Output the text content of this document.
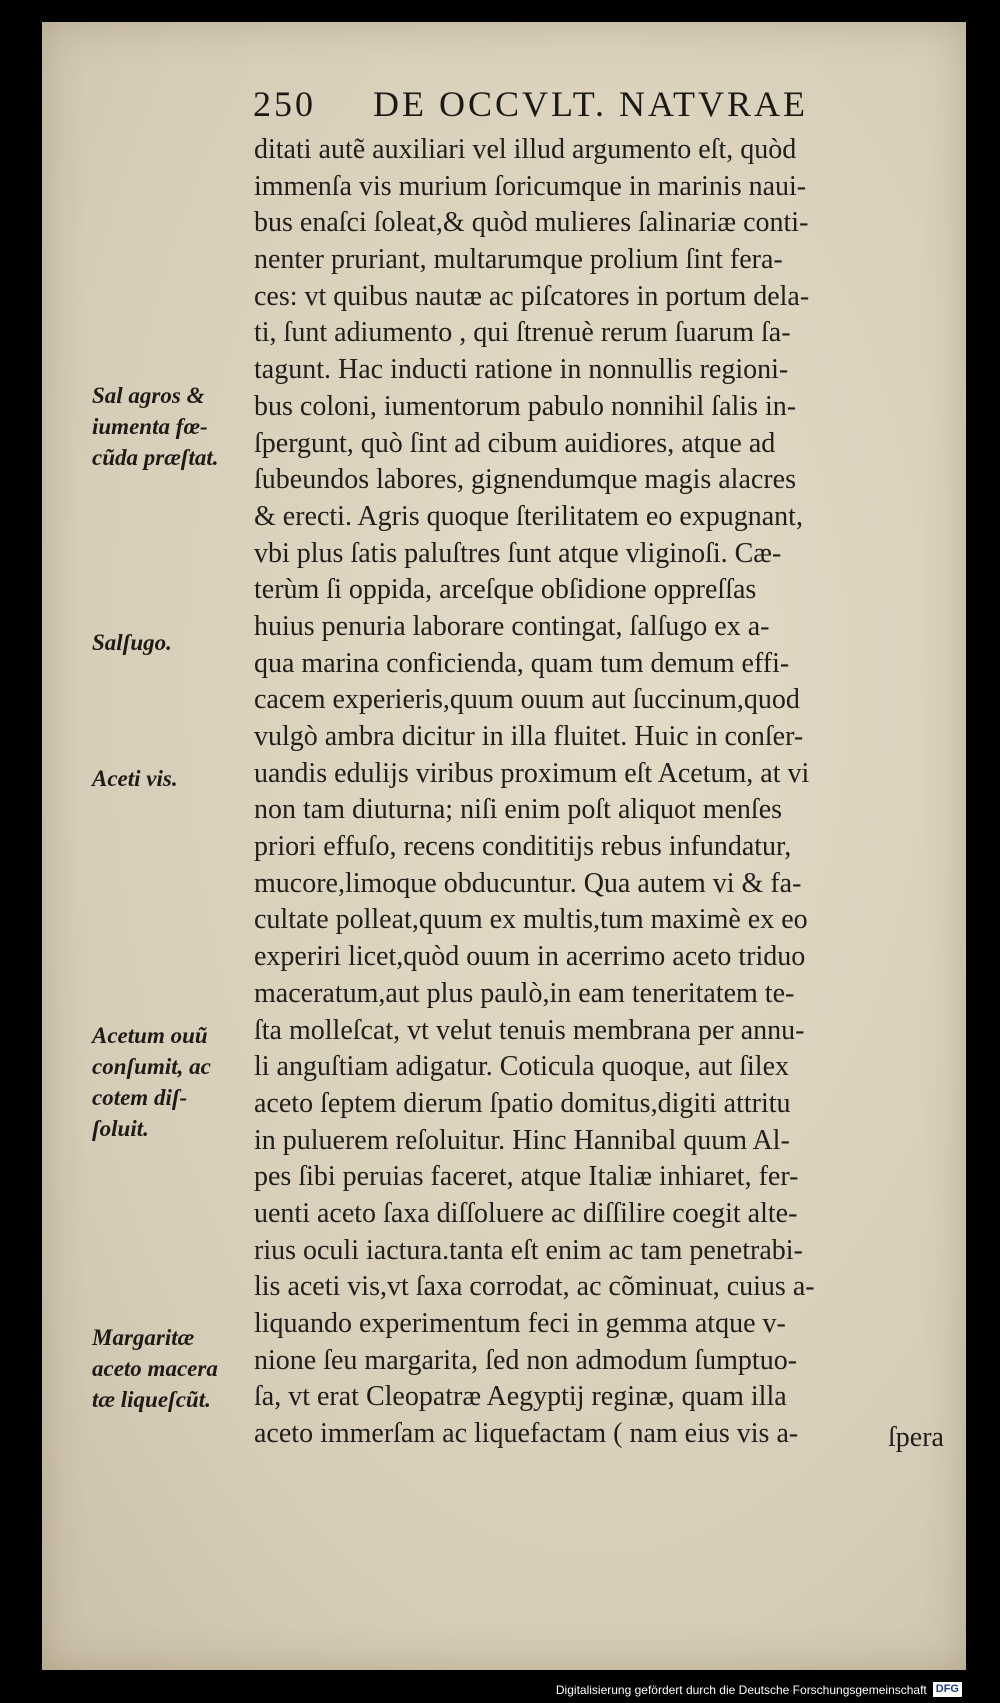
250 DE OCCVLT. NATVRAE
ditati autẽ auxiliari vel illud argumento eſt, quòd
immenſa vis murium ſoricumque in marinis naui-
bus enaſci ſoleat,& quòd mulieres ſalinariæ conti-
nenter pruriant, multarumque prolium ſint fera-
ces: vt quibus nautæ ac piſcatores in portum dela-
ti, ſunt adiumento , qui ſtrenuè rerum ſuarum ſa-
tagunt. Hac inducti ratione in nonnullis regioni-
bus coloni, iumentorum pabulo nonnihil ſalis in-
ſpergunt, quò ſint ad cibum auidiores, atque ad
ſubeundos labores, gignendumque magis alacres
& erecti. Agris quoque ſterilitatem eo expugnant,
vbi plus ſatis paluſtres ſunt atque vliginoſi. Cæ-
terùm ſi oppida, arceſque obſidione oppreſſas
huius penuria laborare contingat, ſalſugo ex a-
qua marina conficienda, quam tum demum effi-
cacem experieris,quum ouum aut ſuccinum,quod
vulgò ambra dicitur in illa fluitet. Huic in conſer-
uandis edulijs viribus proximum eſt Acetum, at vi
non tam diuturna; niſi enim poſt aliquot menſes
priori effuſo, recens condititijs rebus infundatur,
mucore,limoque obducuntur. Qua autem vi & fa-
cultate polleat,quum ex multis,tum maximè ex eo
experiri licet,quòd ouum in acerrimo aceto triduo
maceratum,aut plus paulò,in eam teneritatem te-
ſta molleſcat, vt velut tenuis membrana per annu-
li anguſtiam adigatur. Coticula quoque, aut ſilex
aceto ſeptem dierum ſpatio domitus,digiti attritu
in puluerem reſoluitur. Hinc Hannibal quum Al-
pes ſibi peruias faceret, atque Italiæ inhiaret, fer-
uenti aceto ſaxa diſſoluere ac diſſilire coegit alte-
rius oculi iactura.tanta eſt enim ac tam penetrabi-
lis aceti vis,vt ſaxa corrodat, ac cõminuat, cuius a-
liquando experimentum feci in gemma atque v-
nione ſeu margarita, ſed non admodum ſumptuo-
ſa, vt erat Cleopatræ Aegyptij reginæ, quam illa
aceto immerſam ac liquefactam ( nam eius vis a-	ſpera
Sal agros &
iumenta fœ-
cũda præſtat.
Salſugo.
Aceti vis.
Acetum ouũ
conſumit, ac
cotem diſ-
ſoluit.
Margaritæ
aceto macera
tæ liqueſcũt.
Digitalisierung gefördert durch die Deutsche Forschungsgemeinschaft DFG
